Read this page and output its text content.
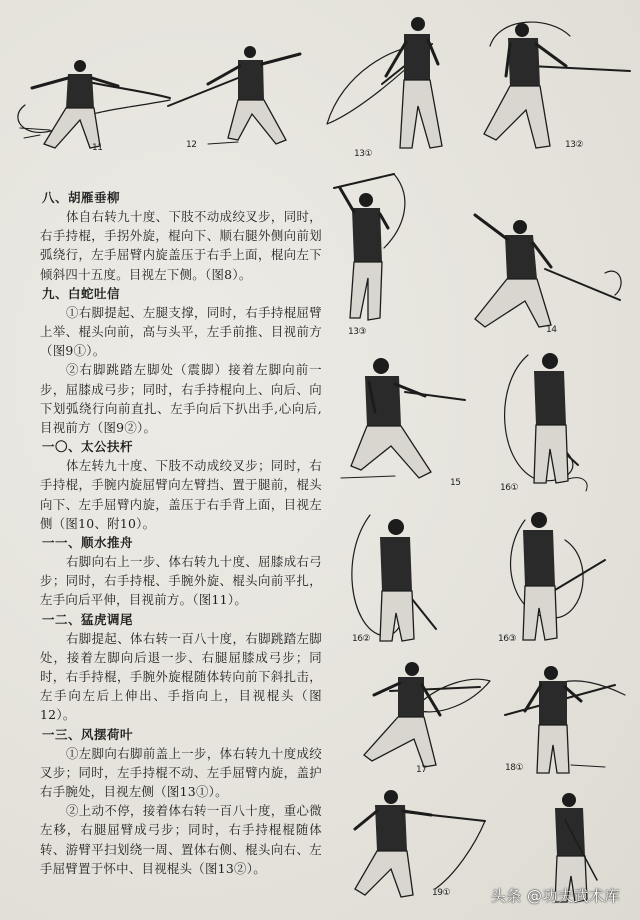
八、胡雁垂柳

体自右转九十度、下肢不动成绞叉步，同时，右手持棍，手拐外旋，棍向下、顺右腿外侧向前划弧绕行，左手屈臂内旋盖压于右手上面，棍向左下倾斜四十五度。目视左下侧。（图8）。

九、白蛇吐信

①右脚提起、左腿支撑，同时，右手持棍屈臂上举、棍头向前，高与头平，左手前推、目视前方（图9①）。

②右脚跳踏左脚处（震脚）接着左脚向前一步，屈膝成弓步；同时，右手持棍向上、向后、向下划弧绕行向前直扎、左手向后下扒出手,心向后,目视前方（图9②）。

一〇、太公扶杆

体左转九十度、下肢不动成绞叉步；同时，右手持棍，手腕内旋屈臂向左臂挡、置于腿前，棍头向下、左手屈臂内旋，盖压于右手背上面，目视左侧（图10、附10）。

一一、顺水推舟

右脚向右上一步、体右转九十度、屈膝成右弓步；同时，右手持棍、手腕外旋、棍头向前平扎，左手向后平伸，目视前方。（图11）。

一二、猛虎调尾

右脚提起、体右转一百八十度，右脚跳踏左脚处，接着左脚向后退一步、右腿屈膝成弓步；同时，右手持棍，手腕外旋棍随体转向前下斜扎击，左手向左后上伸出、手指向上，目视棍头（图12）。

一三、风摆荷叶

①左脚向右脚前盖上一步，体右转九十度成绞叉步；同时，左手持棍不动、左手屈臂内旋，盖护右手腕处，目视左侧（图13①）。

②上动不停，接着体右转一百八十度，重心微左移，右腿屈臂成弓步；同时，右手持棍棍随体转、游臂平扫划绕一周、置体右侧、棍头向右、左手屈臂置于怀中、目视棍头（图13②）。

11	12
13①
13②
13③	14
15	16①
16②	16③
17	18①
19①	头条 @功夫武术库
